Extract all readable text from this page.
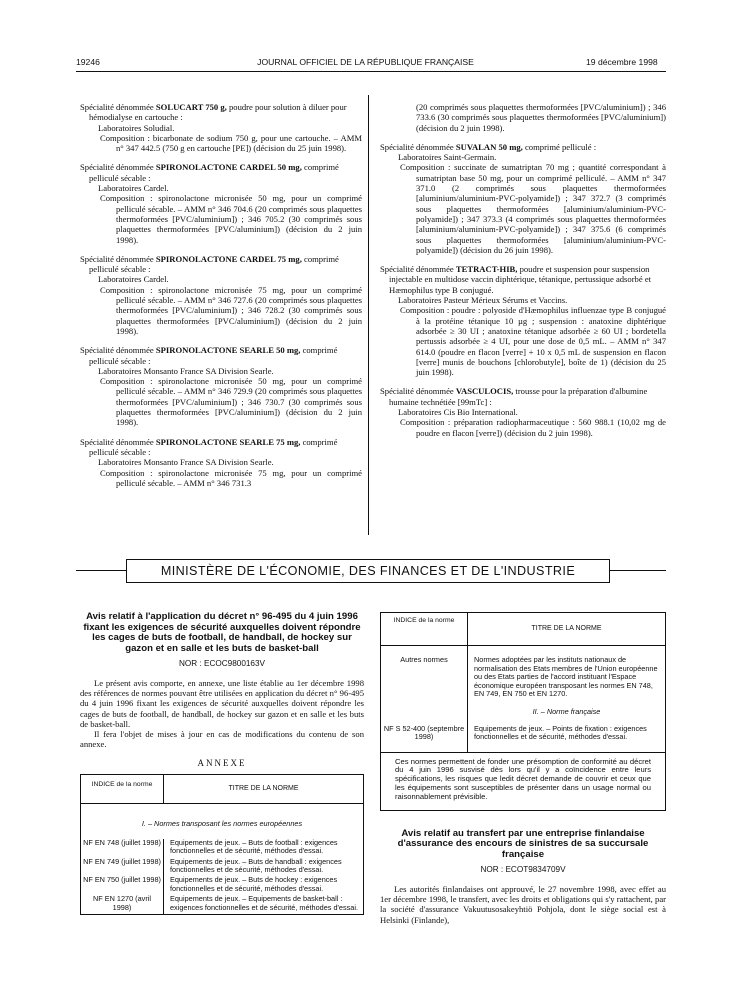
19246	JOURNAL OFFICIEL DE LA RÉPUBLIQUE FRANÇAISE	19 décembre 1998

Spécialité dénommée SOLUCART 750 g, poudre pour solution à diluer pour hémodialyse en cartouche :

Laboratoires Soludial.

Composition : bicarbonate de sodium 750 g, pour une cartouche. – AMM n° 347 442.5 (750 g en cartouche [PE]) (décision du 25 juin 1998).

Spécialité dénommée SPIRONOLACTONE CARDEL 50 mg, comprimé pelliculé sécable :

Laboratoires Cardel.

Composition : spironolactone micronisée 50 mg, pour un comprimé pelliculé sécable. – AMM n° 346 704.6 (20 comprimés sous plaquettes thermoformées [PVC/aluminium]) ; 346 705.2 (30 comprimés sous plaquettes thermoformées [PVC/aluminium]) (décision du 2 juin 1998).

Spécialité dénommée SPIRONOLACTONE CARDEL 75 mg, comprimé pelliculé sécable :

Laboratoires Cardel.

Composition : spironolactone micronisée 75 mg, pour un comprimé pelliculé sécable. – AMM n° 346 727.6 (20 comprimés sous plaquettes thermoformées [PVC/aluminium]) ; 346 728.2 (30 comprimés sous plaquettes thermoformées [PVC/aluminium]) (décision du 2 juin 1998).

Spécialité dénommée SPIRONOLACTONE SEARLE 50 mg, comprimé pelliculé sécable :

Laboratoires Monsanto France SA Division Searle.

Composition : spironolactone micronisée 50 mg, pour un comprimé pelliculé sécable. – AMM n° 346 729.9 (20 comprimés sous plaquettes thermoformées [PVC/aluminium]) ; 346 730.7 (30 comprimés sous plaquettes thermoformées [PVC/aluminium]) (décision du 2 juin 1998).

Spécialité dénommée SPIRONOLACTONE SEARLE 75 mg, comprimé pelliculé sécable :

Laboratoires Monsanto France SA Division Searle.

Composition : spironolactone micronisée 75 mg, pour un comprimé pelliculé sécable. – AMM n° 346 731.3

(20 comprimés sous plaquettes thermoformées [PVC/aluminium]) ; 346 733.6 (30 comprimés sous plaquettes thermoformées [PVC/aluminium]) (décision du 2 juin 1998).

Spécialité dénommée SUVALAN 50 mg, comprimé pelliculé :

Laboratoires Saint-Germain.

Composition : succinate de sumatriptan 70 mg ; quantité correspondant à sumatriptan base 50 mg, pour un comprimé pelliculé. – AMM n° 347 371.0 (2 comprimés sous plaquettes thermoformées [aluminium/aluminium-PVC-polyamide]) ; 347 372.7 (3 comprimés sous plaquettes thermoformées [aluminium/aluminium-PVC-polyamide]) ; 347 373.3 (4 comprimés sous plaquettes thermoformées [aluminium/aluminium-PVC-polyamide]) ; 347 375.6 (6 comprimés sous plaquettes thermoformées [aluminium/aluminium-PVC-polyamide]) (décision du 26 juin 1998).

Spécialité dénommée TETRACT-HIB, poudre et suspension pour suspension injectable en multidose vaccin diphtérique, tétanique, pertussique adsorbé et Hæmophilus type B conjugué.

Laboratoires Pasteur Mérieux Sérums et Vaccins.

Composition : poudre : polyoside d'Hæmophilus influenzae type B conjugué à la protéine tétanique 10 µg ; suspension : anatoxine diphtérique adsorbée ≥ 30 UI ; anatoxine tétanique adsorbée ≥ 60 UI ; bordetella pertussis adsorbée ≥ 4 UI, pour une dose de 0,5 mL. – AMM n° 347 614.0 (poudre en flacon [verre] + 10 x 0,5 mL de suspension en flacon [verre] munis de bouchons [chlorobutyle], boîte de 1) (décision du 25 juin 1998).

Spécialité dénommée VASCULOCIS, trousse pour la préparation d'albumine humaine technétiée [99mTc] :

Laboratoires Cis Bio International.

Composition : préparation radiopharmaceutique : 560 988.1 (10,02 mg de poudre en flacon [verre]) (décision du 2 juin 1998).

MINISTÈRE DE L'ÉCONOMIE, DES FINANCES ET DE L'INDUSTRIE
Avis relatif à l'application du décret n° 96-495 du 4 juin 1996 fixant les exigences de sécurité auxquelles doivent répondre les cages de buts de football, de handball, de hockey sur gazon et en salle et les buts de basket-ball
NOR : ECOC9800163V

Le présent avis comporte, en annexe, une liste établie au 1er décembre 1998 des références de normes pouvant être utilisées en application du décret n° 96-495 du 4 juin 1996 fixant les exigences de sécurité auxquelles doivent répondre les cages de buts de football, de handball, de hockey sur gazon et en salle et les buts de basket-ball.

Il fera l'objet de mises à jour en cas de modifications du contenu de son annexe.

ANNEXE
INDICE de la norme	TITRE DE LA NORME
I. – Normes transposant les normes européennes	
NF EN 748 (juillet 1998)	Equipements de jeux. – Buts de football : exigences fonctionnelles et de sécurité, méthodes d'essai.
NF EN 749 (juillet 1998)	Equipements de jeux. – Buts de handball : exigences fonctionnelles et de sécurité, méthodes d'essai.
NF EN 750 (juillet 1998)	Equipements de jeux. – Buts de hockey : exigences fonctionnelles et de sécurité, méthodes d'essai.
NF EN 1270 (avril 1998)	Equipements de jeux. – Equipements de basket-ball : exigences fonctionnelles et de sécurité, méthodes d'essai.
INDICE de la norme	TITRE DE LA NORME
Autres normes	Normes adoptées par les instituts nationaux de normalisation des Etats membres de l'Union européenne ou des Etats parties de l'accord instituant l'Espace économique européen transposant les normes EN 748, EN 749, EN 750 et EN 1270.
	II. – Norme française
NF S 52-400 (septembre 1998)	Equipements de jeux. – Points de fixation : exigences fonctionnelles et de sécurité, méthodes d'essai.
Ces normes permettent de fonder une présomption de conformité au décret du 4 juin 1996 susvisé dès lors qu'il y a coïncidence entre leurs spécifications, les risques que ledit décret demande de couvrir et ceux que les équipements sont susceptibles de présenter dans un usage normal ou raisonnablement prévisible.	
Avis relatif au transfert par une entreprise finlandaise d'assurance des encours de sinistres de sa succursale française
NOR : ECOT9834709V

Les autorités finlandaises ont approuvé, le 27 novembre 1998, avec effet au 1er décembre 1998, le transfert, avec les droits et obligations qui s'y rattachent, par la société d'assurance Vakuutusosakeyhtiö Pohjola, dont le siège social est à Helsinki (Finlande),
